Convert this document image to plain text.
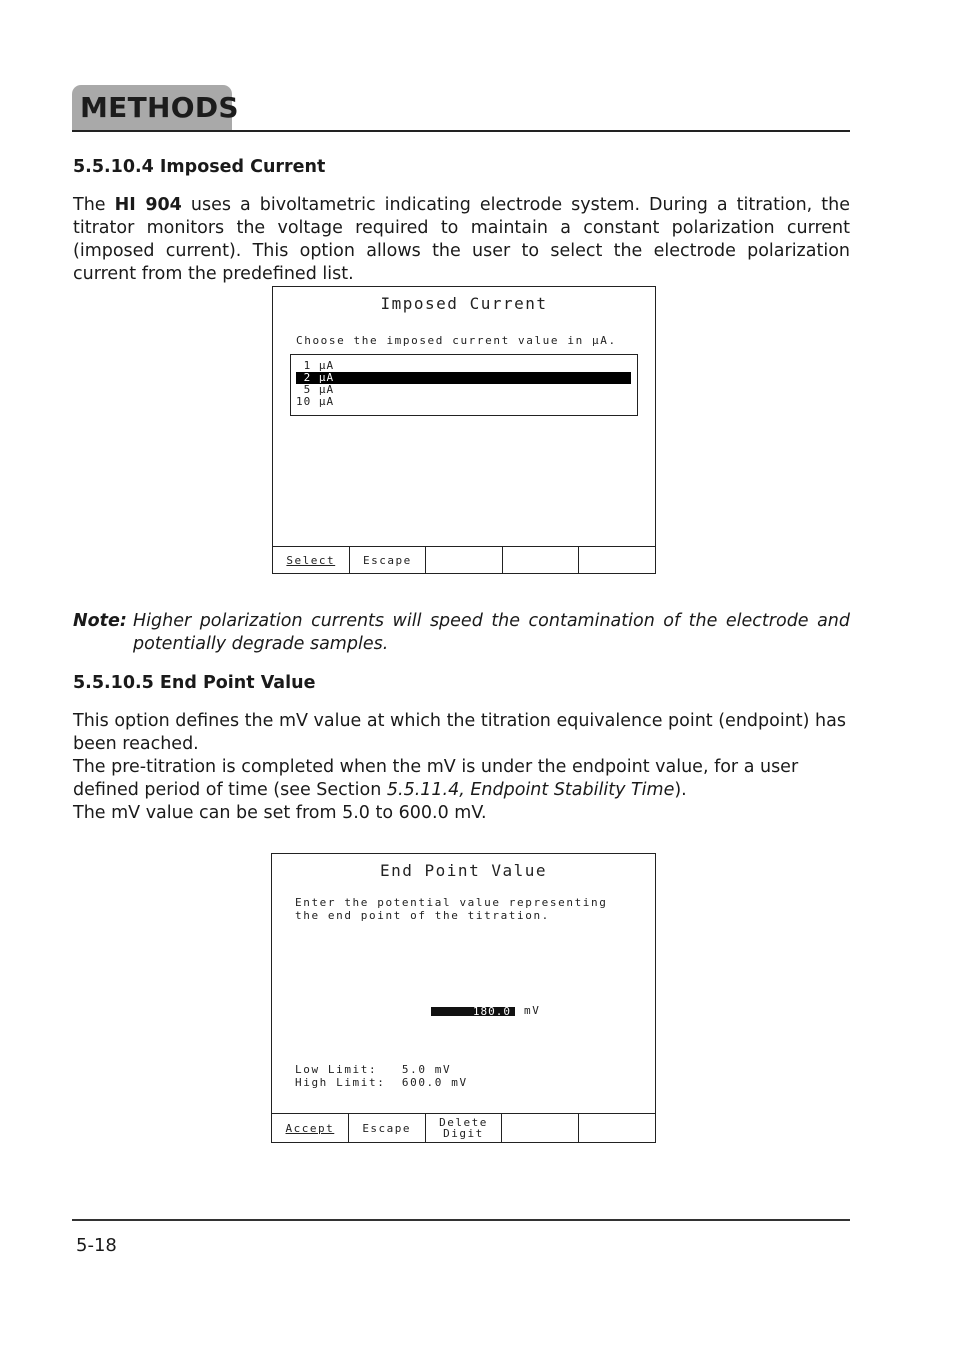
METHODS
5.5.10.4 Imposed Current
The HI 904 uses a bivoltametric indicating electrode system. During a titration, the titrator monitors the voltage required to maintain a constant polarization current (imposed current). This option allows the user to select the electrode polarization current from the predefined list.
Imposed Current
Choose the imposed current value in µA.
1 µA
2 µA
5 µA
10 µA
Select	Escape
Note: Higher polarization currents will speed the contamination of the electrode and potentially degrade samples.
5.5.10.5 End Point Value

This option defines the mV value at which the titration equivalence point (endpoint) has been reached.

The pre-titration is completed when the mV is under the endpoint value, for a user defined period of time (see Section 5.5.11.4, Endpoint Stability Time).

The mV value can be set from 5.0 to 600.0 mV.

End Point Value
Enter the potential value representing
the end point of the titration.
180.0	mV
Low Limit:   5.0 mV
High Limit:  600.0 mV
Accept	Escape	Delete
Digit
5-18
